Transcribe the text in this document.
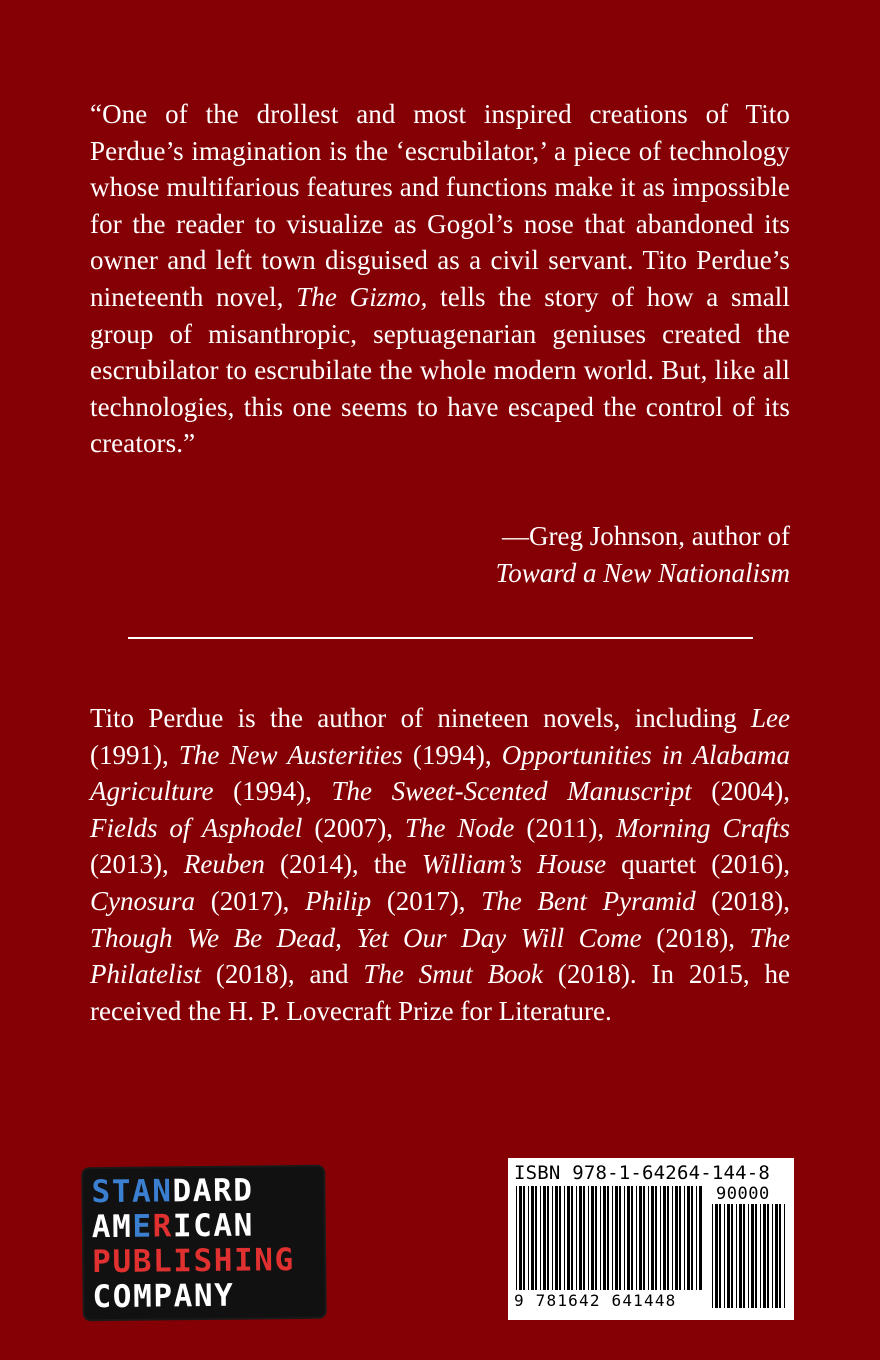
“One of the drollest and most inspired creations of Tito Perdue’s imagination is the ‘escrubilator,’ a piece of technology whose multifarious features and functions make it as impossible for the reader to visualize as Gogol’s nose that abandoned its owner and left town disguised as a civil servant. Tito Perdue’s nineteenth novel, The Gizmo, tells the story of how a small group of misanthropic, septuagenarian geniuses created the escrubilator to escrubilate the whole modern world. But, like all technologies, this one seems to have escaped the control of its creators.”

—Greg Johnson, author of
Toward a New Nationalism

Tito Perdue is the author of nineteen novels, including Lee (1991), The New Austerities (1994), Opportunities in Alabama Agriculture (1994), The Sweet-Scented Manuscript (2004), Fields of Asphodel (2007), The Node (2011), Morning Crafts (2013), Reuben (2014), the William’s House quartet (2016), Cynosura (2017), Philip (2017), The Bent Pyramid (2018), Though We Be Dead, Yet Our Day Will Come (2018), The Philatelist (2018), and The Smut Book (2018). In 2015, he received the H. P. Lovecraft Prize for Literature.

STANDARD
AMERICAN
PUBLISHING
COMPANY
ISBN 978-1-64264-144-8
90000
9 781642 641448
